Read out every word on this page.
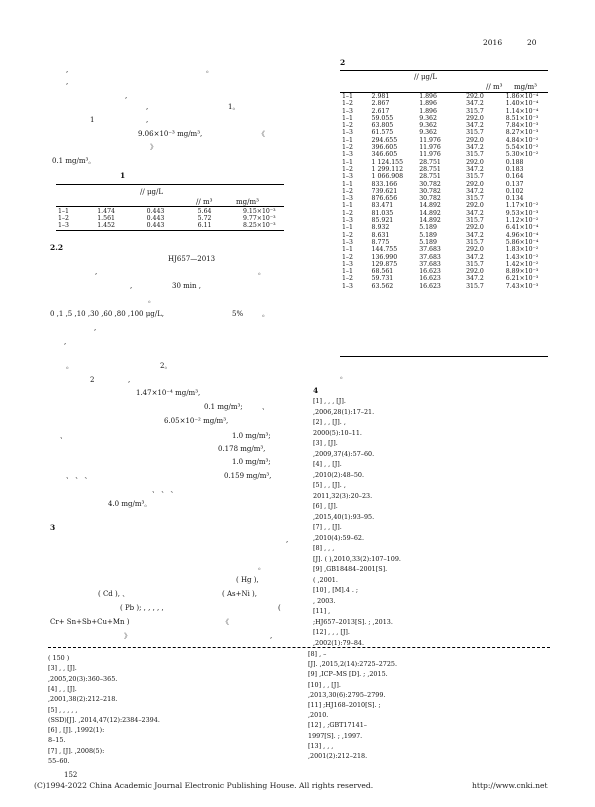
2016	20
,	。
,
,
,	1。
1	,
9.06×10⁻³ mg/m³,	《
》
0.1 mg/m³。
1
// μg/L
// m³	mg/m³
1–1	1.474	0.443	5.64	9.15×10⁻³
1–2	1.561	0.443	5.72	9.77×10⁻³
1–3	1.452	0.443	6.11	8.25×10⁻³
2.2
HJ657—2013
,	。
,	30 min ,
。
0 ,1 ,5 ,10 ,30 ,60 ,80 ,100 μg/L,	5%	。
,
,
。	2。
2	,
1.47×10⁻⁴ mg/m³,
0.1 mg/m³;	、
6.05×10⁻² mg/m³,
、	1.0 mg/m³;
0.178 mg/m³,
1.0 mg/m³;
、 、 、	0.159 mg/m³,
、 、 、
4.0 mg/m³。
3
,
。
( Hg ),
( Cd ), 、	( As+Ni ),
( Pb ); , , , , ,	(
Cr+ Sn+Sb+Cu+Mn )	《
》	,
2
// μg/L
// m³ mg/m³
1–1	2.981	1.896	292.0	1.86×10⁻⁴
1–2	2.867	1.896	347.2	1.40×10⁻⁴
1–3	2.617	1.896	315.7	1.14×10⁻⁴
1–1	59.055	9.362	292.0	8.51×10⁻³
1–2	63.805	9.362	347.2	7.84×10⁻³
1–3	61.575	9.362	315.7	8.27×10⁻³
1–1	294.655	11.976	292.0	4.84×10⁻²
1–2	396.605	11.976	347.2	5.54×10⁻²
1–3	346.605	11.976	315.7	5.30×10⁻²
1–1	1 124.155	28.751	292.0	0.188
1–2	1 299.112	28.751	347.2	0.183
1–3	1 066.908	28.751	315.7	0.164
1–1	833.166	30.782	292.0	0.137
1–2	739.621	30.782	347.2	0.102
1–3	876.656	30.782	315.7	0.134
1–1	83.471	14.892	292.0	1.17×10⁻²
1–2	81.035	14.892	347.2	9.53×10⁻³
1–3	85.921	14.892	315.7	1.12×10⁻²
1–1	8.932	5.189	292.0	6.41×10⁻⁴
1–2	8.631	5.189	347.2	4.96×10⁻⁴
1–3	8.775	5.189	315.7	5.86×10⁻⁴
1–1	144.755	37.683	292.0	1.83×10⁻²
1–2	136.990	37.683	347.2	1.43×10⁻²
1–3	129.875	37.683	315.7	1.42×10⁻²
1–1	68.561	16.623	292.0	8.89×10⁻³
1–2	59.731	16.623	347.2	6.21×10⁻³
1–3	63.562	16.623	315.7	7.43×10⁻³
。
4
[1] , , , [J].
,2006,28(1):17–21.
[2] , , [J]. ,
2000(5):10–11.
[3] , [J].
,2009,37(4):57–60.
[4] , , [J].
,2010(2):48–50.
[5] , , [J]. ,
2011,32(3):20–23.
[6] , [J].
,2015,40(1):93–95.
[7] , , [J].
,2010(4):59–62.
[8] , , ,
[J]. ( ),2010,33(2):107–109.
[9] ,GB18484–2001[S].
( ,2001.
[10] , [M].4 . ;
, 2003.
[11] ,
;HJ657–2013[S]. ; ,2013.
[12] , , , [J].
,2002(1):79–84.
( 150 )
[3] , , [J].
,2005,20(3):360–365.
[4] , , [J].
,2001,38(2):212–218.
[5] , , , , ,
(SSD)[J]. ,2014,47(12):2384–2394.
[6] , [J]. ,1992(1):
8–15.
[7] , [J]. ,2008(5):
55–60.
[8] , –
[J]. ,2015,2(14):2725–2725.
[9] ,ICP–MS [D]. ; ,2015.
[10] , , [J].
,2013,30(6):2795–2799.
[11] ;HJ168–2010[S]. ;
,2010.
[12] , ;GBT17141–
1997[S]. ; ,1997.
[13] , , ,
,2001(2):212–218.
152
(C)1994-2022 China Academic Journal Electronic Publishing House. All rights reserved.	http://www.cnki.net
